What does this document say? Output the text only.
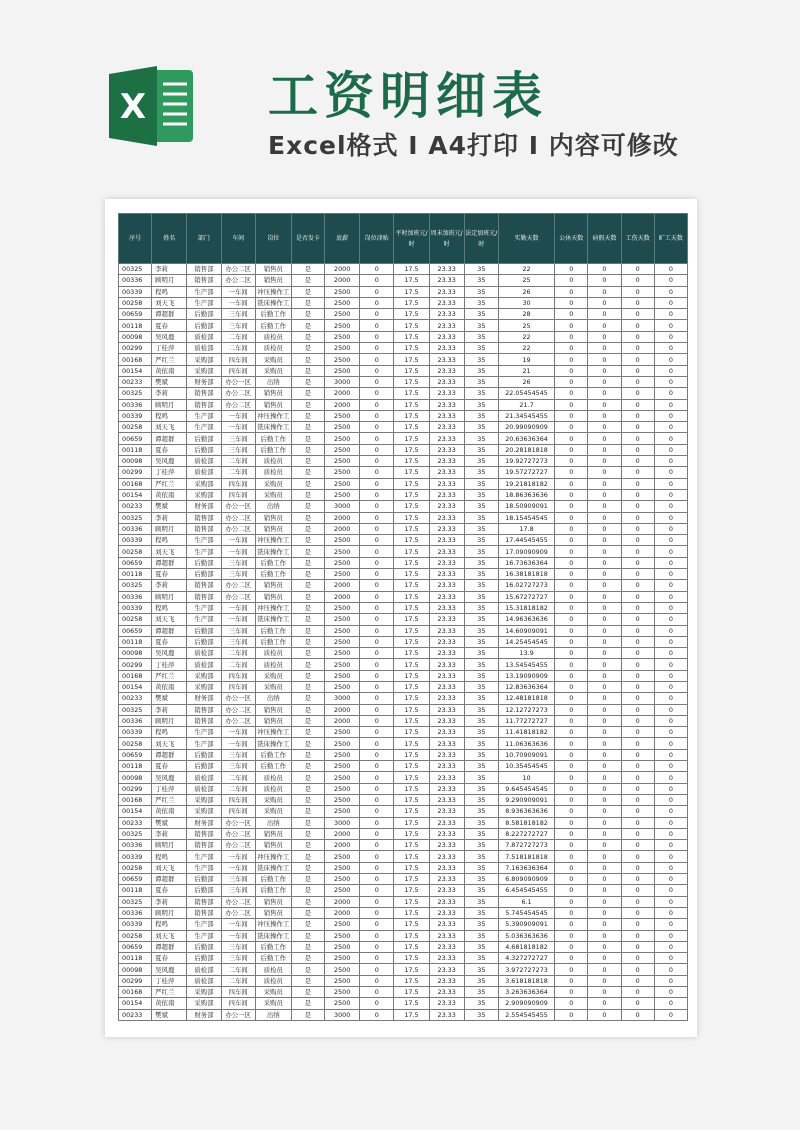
X 工资明细表
Excel格式 I A4打印 I 内容可修改
序号	姓名	部门	车间	岗位	是否发卡	底薪	岗位津贴	平时加班元/时	周末加班元/时	法定加班元/时	实勤天数	公休天数	病假天数	工伤天数	旷工天数
00325	李莉	销售部	办公二区	销售员	是	2000	0	17.5	23.33	35	22	0	0	0	0
00336	顾明月	销售部	办公二区	销售员	是	2000	0	17.5	23.33	35	25	0	0	0	0
00339	程鸣	生产部	一车间	冲压操作工	是	2500	0	17.5	23.33	35	26	0	0	0	0
00258	刘天飞	生产部	一车间	铣床操作工	是	2500	0	17.5	23.33	35	30	0	0	0	0
00659	谭超群	后勤部	三车间	后勤工作	是	2500	0	17.5	23.33	35	28	0	0	0	0
00118	夏春	后勤部	三车间	后勤工作	是	2500	0	17.5	23.33	35	25	0	0	0	0
00098	吴风鹿	质检部	二车间	质检员	是	2500	0	17.5	23.33	35	22	0	0	0	0
00299	丁桂萍	质检部	二车间	质检员	是	2500	0	17.5	23.33	35	22	0	0	0	0
00168	严红兰	采购部	四车间	采购员	是	2500	0	17.5	23.33	35	19	0	0	0	0
00154	黄依南	采购部	四车间	采购员	是	2500	0	17.5	23.33	35	21	0	0	0	0
00233	樊斌	财务部	办公一区	出纳	是	3000	0	17.5	23.33	35	26	0	0	0	0
00325	李莉	销售部	办公二区	销售员	是	2000	0	17.5	23.33	35	22.05454545	0	0	0	0
00336	顾明月	销售部	办公二区	销售员	是	2000	0	17.5	23.33	35	21.7	0	0	0	0
00339	程鸣	生产部	一车间	冲压操作工	是	2500	0	17.5	23.33	35	21.34545455	0	0	0	0
00258	刘天飞	生产部	一车间	铣床操作工	是	2500	0	17.5	23.33	35	20.99090909	0	0	0	0
00659	谭超群	后勤部	三车间	后勤工作	是	2500	0	17.5	23.33	35	20.63636364	0	0	0	0
00118	夏春	后勤部	三车间	后勤工作	是	2500	0	17.5	23.33	35	20.28181818	0	0	0	0
00098	吴风鹿	质检部	二车间	质检员	是	2500	0	17.5	23.33	35	19.92727273	0	0	0	0
00299	丁桂萍	质检部	二车间	质检员	是	2500	0	17.5	23.33	35	19.57272727	0	0	0	0
00168	严红兰	采购部	四车间	采购员	是	2500	0	17.5	23.33	35	19.21818182	0	0	0	0
00154	黄依南	采购部	四车间	采购员	是	2500	0	17.5	23.33	35	18.86363636	0	0	0	0
00233	樊斌	财务部	办公一区	出纳	是	3000	0	17.5	23.33	35	18.50909091	0	0	0	0
00325	李莉	销售部	办公二区	销售员	是	2000	0	17.5	23.33	35	18.15454545	0	0	0	0
00336	顾明月	销售部	办公二区	销售员	是	2000	0	17.5	23.33	35	17.8	0	0	0	0
00339	程鸣	生产部	一车间	冲压操作工	是	2500	0	17.5	23.33	35	17.44545455	0	0	0	0
00258	刘天飞	生产部	一车间	铣床操作工	是	2500	0	17.5	23.33	35	17.09090909	0	0	0	0
00659	谭超群	后勤部	三车间	后勤工作	是	2500	0	17.5	23.33	35	16.73636364	0	0	0	0
00118	夏春	后勤部	三车间	后勤工作	是	2500	0	17.5	23.33	35	16.38181818	0	0	0	0
00325	李莉	销售部	办公二区	销售员	是	2000	0	17.5	23.33	35	16.02727273	0	0	0	0
00336	顾明月	销售部	办公二区	销售员	是	2000	0	17.5	23.33	35	15.67272727	0	0	0	0
00339	程鸣	生产部	一车间	冲压操作工	是	2500	0	17.5	23.33	35	15.31818182	0	0	0	0
00258	刘天飞	生产部	一车间	铣床操作工	是	2500	0	17.5	23.33	35	14.96363636	0	0	0	0
00659	谭超群	后勤部	三车间	后勤工作	是	2500	0	17.5	23.33	35	14.60909091	0	0	0	0
00118	夏春	后勤部	三车间	后勤工作	是	2500	0	17.5	23.33	35	14.25454545	0	0	0	0
00098	吴风鹿	质检部	二车间	质检员	是	2500	0	17.5	23.33	35	13.9	0	0	0	0
00299	丁桂萍	质检部	二车间	质检员	是	2500	0	17.5	23.33	35	13.54545455	0	0	0	0
00168	严红兰	采购部	四车间	采购员	是	2500	0	17.5	23.33	35	13.19090909	0	0	0	0
00154	黄依南	采购部	四车间	采购员	是	2500	0	17.5	23.33	35	12.83636364	0	0	0	0
00233	樊斌	财务部	办公一区	出纳	是	3000	0	17.5	23.33	35	12.48181818	0	0	0	0
00325	李莉	销售部	办公二区	销售员	是	2000	0	17.5	23.33	35	12.12727273	0	0	0	0
00336	顾明月	销售部	办公二区	销售员	是	2000	0	17.5	23.33	35	11.77272727	0	0	0	0
00339	程鸣	生产部	一车间	冲压操作工	是	2500	0	17.5	23.33	35	11.41818182	0	0	0	0
00258	刘天飞	生产部	一车间	铣床操作工	是	2500	0	17.5	23.33	35	11.06363636	0	0	0	0
00659	谭超群	后勤部	三车间	后勤工作	是	2500	0	17.5	23.33	35	10.70909091	0	0	0	0
00118	夏春	后勤部	三车间	后勤工作	是	2500	0	17.5	23.33	35	10.35454545	0	0	0	0
00098	吴风鹿	质检部	二车间	质检员	是	2500	0	17.5	23.33	35	10	0	0	0	0
00299	丁桂萍	质检部	二车间	质检员	是	2500	0	17.5	23.33	35	9.645454545	0	0	0	0
00168	严红兰	采购部	四车间	采购员	是	2500	0	17.5	23.33	35	9.290909091	0	0	0	0
00154	黄依南	采购部	四车间	采购员	是	2500	0	17.5	23.33	35	8.936363636	0	0	0	0
00233	樊斌	财务部	办公一区	出纳	是	3000	0	17.5	23.33	35	8.581818182	0	0	0	0
00325	李莉	销售部	办公二区	销售员	是	2000	0	17.5	23.33	35	8.227272727	0	0	0	0
00336	顾明月	销售部	办公二区	销售员	是	2000	0	17.5	23.33	35	7.872727273	0	0	0	0
00339	程鸣	生产部	一车间	冲压操作工	是	2500	0	17.5	23.33	35	7.518181818	0	0	0	0
00258	刘天飞	生产部	一车间	铣床操作工	是	2500	0	17.5	23.33	35	7.163636364	0	0	0	0
00659	谭超群	后勤部	三车间	后勤工作	是	2500	0	17.5	23.33	35	6.809090909	0	0	0	0
00118	夏春	后勤部	三车间	后勤工作	是	2500	0	17.5	23.33	35	6.454545455	0	0	0	0
00325	李莉	销售部	办公二区	销售员	是	2000	0	17.5	23.33	35	6.1	0	0	0	0
00336	顾明月	销售部	办公二区	销售员	是	2000	0	17.5	23.33	35	5.745454545	0	0	0	0
00339	程鸣	生产部	一车间	冲压操作工	是	2500	0	17.5	23.33	35	5.390909091	0	0	0	0
00258	刘天飞	生产部	一车间	铣床操作工	是	2500	0	17.5	23.33	35	5.036363636	0	0	0	0
00659	谭超群	后勤部	三车间	后勤工作	是	2500	0	17.5	23.33	35	4.681818182	0	0	0	0
00118	夏春	后勤部	三车间	后勤工作	是	2500	0	17.5	23.33	35	4.327272727	0	0	0	0
00098	吴风鹿	质检部	二车间	质检员	是	2500	0	17.5	23.33	35	3.972727273	0	0	0	0
00299	丁桂萍	质检部	二车间	质检员	是	2500	0	17.5	23.33	35	3.618181818	0	0	0	0
00168	严红兰	采购部	四车间	采购员	是	2500	0	17.5	23.33	35	3.263636364	0	0	0	0
00154	黄依南	采购部	四车间	采购员	是	2500	0	17.5	23.33	35	2.909090909	0	0	0	0
00233	樊斌	财务部	办公一区	出纳	是	3000	0	17.5	23.33	35	2.554545455	0	0	0	0
